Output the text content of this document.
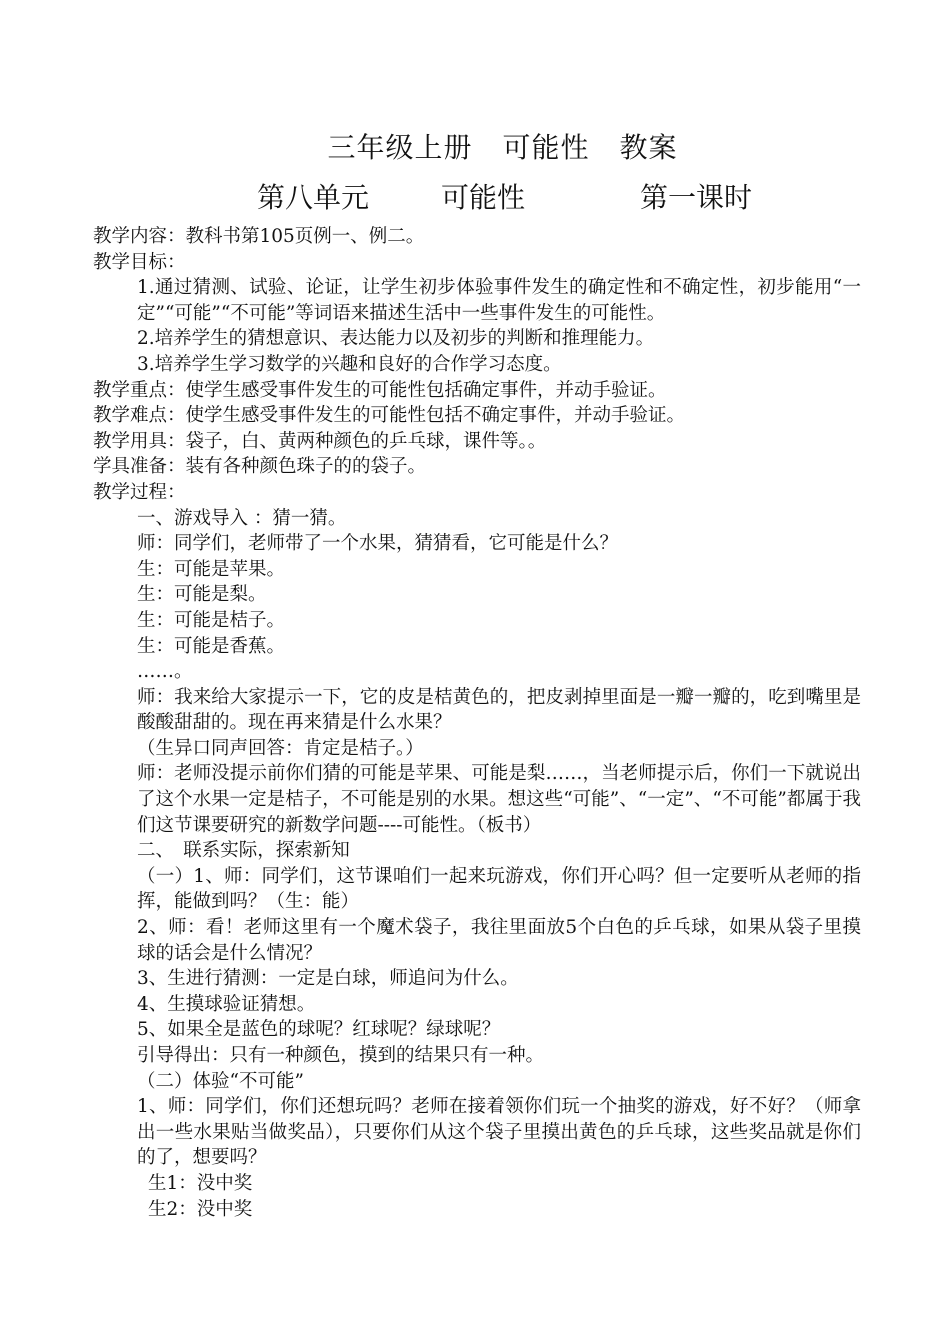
三年级上册 可能性 教案
第八单元	可能性	第一课时

教学内容：教科书第105页例一、例二。

教学目标：

1.通过猜测、试验、论证，让学生初步体验事件发生的确定性和不确定性，初步能用“一定”“可能”“不可能”等词语来描述生活中一些事件发生的可能性。

2.培养学生的猜想意识、表达能力以及初步的判断和推理能力。

3.培养学生学习数学的兴趣和良好的合作学习态度。

教学重点：使学生感受事件发生的可能性包括确定事件，并动手验证。

教学难点：使学生感受事件发生的可能性包括不确定事件，并动手验证。

教学用具：袋子，白、黄两种颜色的乒乓球，课件等。。

学具准备：装有各种颜色珠子的的袋子。

教学过程：

一、游戏导入 ：猜一猜。

师：同学们，老师带了一个水果，猜猜看，它可能是什么？

生：可能是苹果。

生：可能是梨。

生：可能是桔子。

生：可能是香蕉。

……。

师：我来给大家提示一下，它的皮是桔黄色的，把皮剥掉里面是一瓣一瓣的，吃到嘴里是酸酸甜甜的。现在再来猜是什么水果？

（生异口同声回答：肯定是桔子。）

师：老师没提示前你们猜的可能是苹果、可能是梨……，当老师提示后，你们一下就说出了这个水果一定是桔子，不可能是别的水果。想这些“可能”、“一定”、“不可能”都属于我们这节课要研究的新数学问题----可能性。（板书）

二、　联系实际，探索新知

（一）1、师：同学们，这节课咱们一起来玩游戏，你们开心吗？但一定要听从老师的指挥，能做到吗？（生：能）

2、师：看！老师这里有一个魔术袋子，我往里面放5个白色的乒乓球，如果从袋子里摸球的话会是什么情况？

3、生进行猜测：一定是白球，师追问为什么。

4、生摸球验证猜想。

5、如果全是蓝色的球呢？红球呢？绿球呢？

引导得出：只有一种颜色，摸到的结果只有一种。

（二）体验“不可能”

1、师：同学们，你们还想玩吗？老师在接着领你们玩一个抽奖的游戏，好不好？（师拿出一些水果贴当做奖品），只要你们从这个袋子里摸出黄色的乒乓球，这些奖品就是你们的了，想要吗？

生1：没中奖

生2：没中奖
